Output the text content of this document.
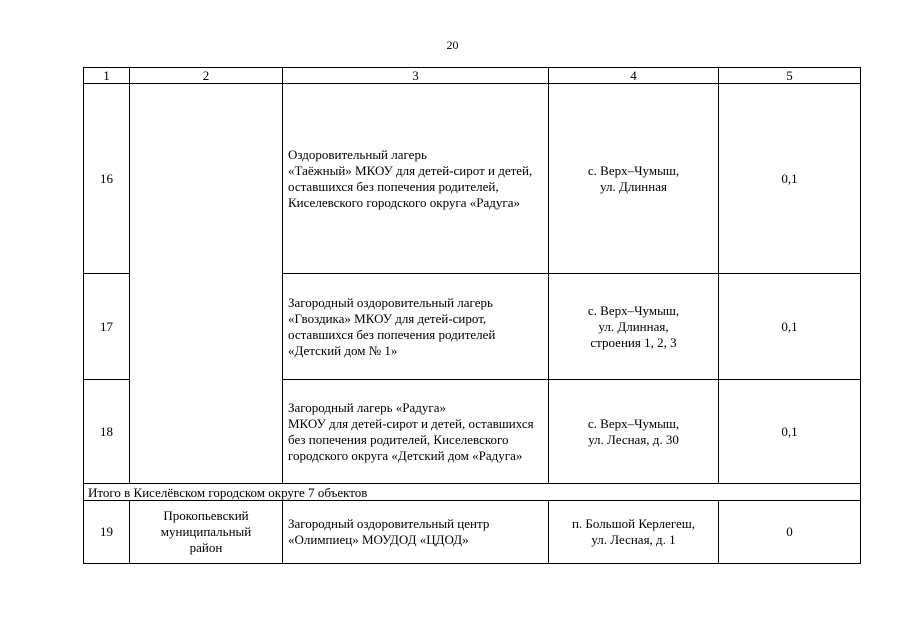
20
1	2	3	4	5
16		Оздоровительный лагерь
«Таёжный» МКОУ для детей-сирот и детей, оставшихся без попечения родителей, Киселевского городского округа «Радуга»	с. Верх–Чумыш,
ул. Длинная	0,1
17		Загородный оздоровительный лагерь «Гвоздика» МКОУ для детей-сирот, оставшихся без попечения родителей «Детский дом № 1»	с. Верх–Чумыш,
ул. Длинная,
строения 1, 2, 3	0,1
18		Загородный лагерь «Радуга»
МКОУ для детей-сирот и детей, оставшихся без попечения родителей, Киселевского городского округа «Детский дом «Радуга»	с. Верх–Чумыш,
ул. Лесная, д. 30	0,1
Итого в Киселёвском городском округе 7 объектов				
19	Прокопьевский
муниципальный
район	Загородный оздоровительный центр «Олимпиец» МОУДОД «ЦДОД»	п. Большой Керлегеш,
ул. Лесная, д. 1	0
